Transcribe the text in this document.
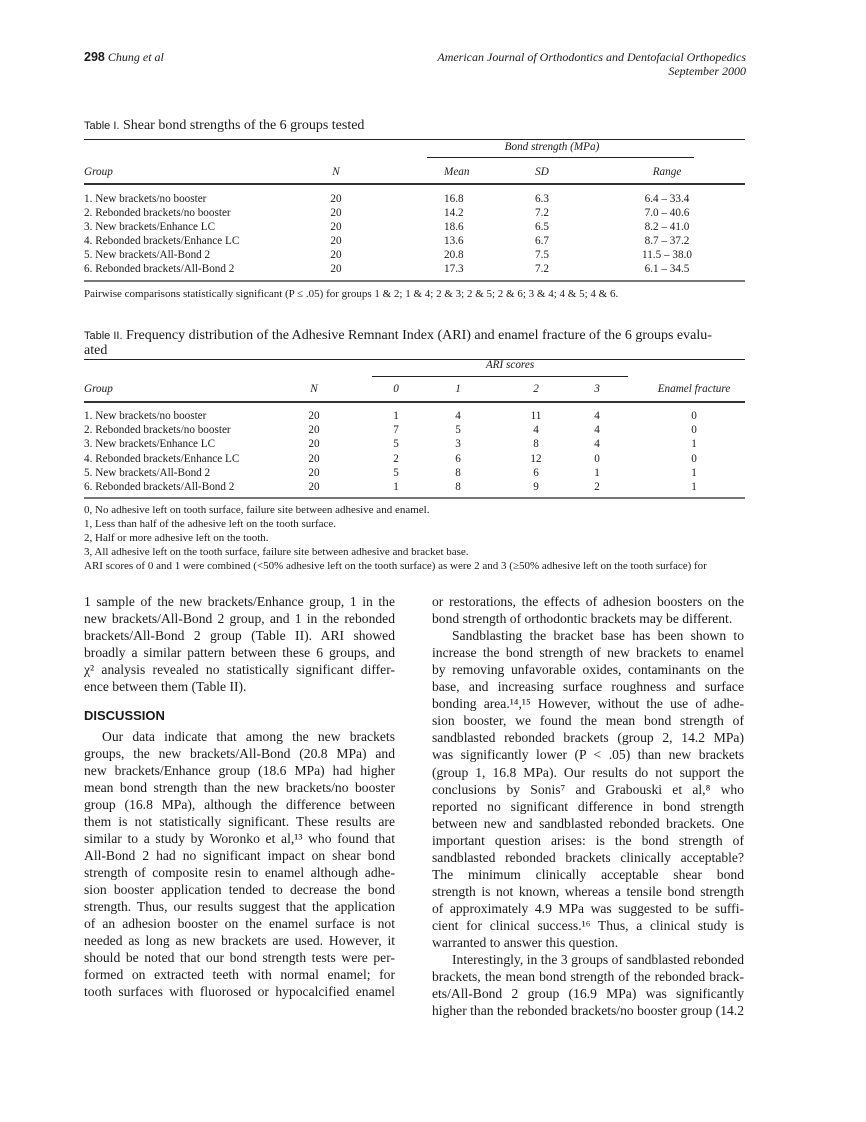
298 Chung et al	American Journal of Orthodontics and Dentofacial Orthopedics
September 2000
Table I. Shear bond strengths of the 6 groups tested
Bond strength (MPa)
Group	N	Mean	SD	Range
1. New brackets/no booster	20	16.8	6.3	6.4 – 33.4
2. Rebonded brackets/no booster	20	14.2	7.2	7.0 – 40.6
3. New brackets/Enhance LC	20	18.6	6.5	8.2 – 41.0
4. Rebonded brackets/Enhance LC	20	13.6	6.7	8.7 – 37.2
5. New brackets/All-Bond 2	20	20.8	7.5	11.5 – 38.0
6. Rebonded brackets/All-Bond 2	20	17.3	7.2	6.1 – 34.5
Pairwise comparisons statistically significant (P ≤ .05) for groups 1 & 2; 1 & 4; 2 & 3; 2 & 5; 2 & 6; 3 & 4; 4 & 5; 4 & 6.
Table II. Frequency distribution of the Adhesive Remnant Index (ARI) and enamel fracture of the 6 groups evalu-
ated
ARI scores
Group	N	0	1	2	3	Enamel fracture
1. New brackets/no booster	20	1	4	11	4	0
2. Rebonded brackets/no booster	20	7	5	4	4	0
3. New brackets/Enhance LC	20	5	3	8	4	1
4. Rebonded brackets/Enhance LC	20	2	6	12	0	0
5. New brackets/All-Bond 2	20	5	8	6	1	1
6. Rebonded brackets/All-Bond 2	20	1	8	9	2	1
0, No adhesive left on tooth surface, failure site between adhesive and enamel.
1, Less than half of the adhesive left on the tooth surface.
2, Half or more adhesive left on the tooth.
3, All adhesive left on the tooth surface, failure site between adhesive and bracket base.
ARI scores of 0 and 1 were combined (<50% adhesive left on the tooth surface) as were 2 and 3 (≥50% adhesive left on the tooth surface) for
1 sample of the new brackets/Enhance group, 1 in the
new brackets/All-Bond 2 group, and 1 in the rebonded
brackets/All-Bond 2 group (Table II). ARI showed
broadly a similar pattern between these 6 groups, and
χ² analysis revealed no statistically significant differ-
ence between them (Table II).
Our data indicate that among the new brackets
groups, the new brackets/All-Bond (20.8 MPa) and
new brackets/Enhance group (18.6 MPa) had higher
mean bond strength than the new brackets/no booster
group (16.8 MPa), although the difference between
them is not statistically significant. These results are
similar to a study by Woronko et al,¹³ who found that
All-Bond 2 had no significant impact on shear bond
strength of composite resin to enamel although adhe-
sion booster application tended to decrease the bond
strength. Thus, our results suggest that the application
of an adhesion booster on the enamel surface is not
needed as long as new brackets are used. However, it
should be noted that our bond strength tests were per-
formed on extracted teeth with normal enamel; for
tooth surfaces with fluorosed or hypocalcified enamel
DISCUSSION
or restorations, the effects of adhesion boosters on the
bond strength of orthodontic brackets may be different.
Sandblasting the bracket base has been shown to
increase the bond strength of new brackets to enamel
by removing unfavorable oxides, contaminants on the
base, and increasing surface roughness and surface
bonding area.¹⁴,¹⁵ However, without the use of adhe-
sion booster, we found the mean bond strength of
sandblasted rebonded brackets (group 2, 14.2 MPa)
was significantly lower (P < .05) than new brackets
(group 1, 16.8 MPa). Our results do not support the
conclusions by Sonis⁷ and Grabouski et al,⁸ who
reported no significant difference in bond strength
between new and sandblasted rebonded brackets. One
important question arises: is the bond strength of
sandblasted rebonded brackets clinically acceptable?
The minimum clinically acceptable shear bond
strength is not known, whereas a tensile bond strength
of approximately 4.9 MPa was suggested to be suffi-
cient for clinical success.¹⁶ Thus, a clinical study is
warranted to answer this question.
Interestingly, in the 3 groups of sandblasted rebonded
brackets, the mean bond strength of the rebonded brack-
ets/All-Bond 2 group (16.9 MPa) was significantly
higher than the rebonded brackets/no booster group (14.2
